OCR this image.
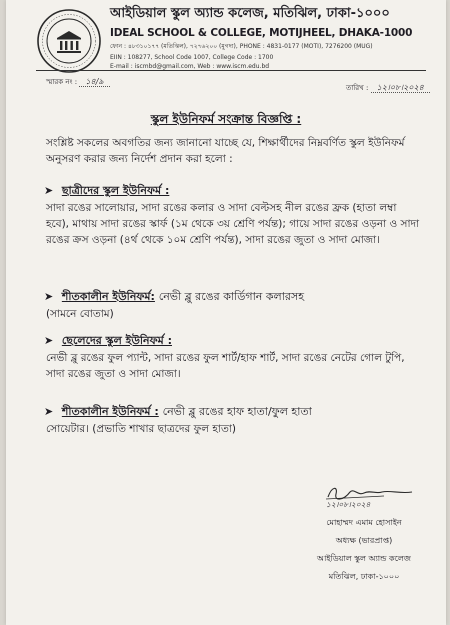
আইডিয়াল স্কুল অ্যান্ড কলেজ, মতিঝিল, ঢাকা-১০০০
IDEAL SCHOOL & COLLEGE, MOTIJHEEL, DHAKA-1000
ফোন : ৪৮৩১০১৭৭ (মতিঝিল), ৭২৭৬২০০ (মুগদা), PHONE : 4831-0177 (MOTI), 7276200 (MUG)
EIIN : 108277, School Code 1007, College Code : 1700
E-mail : iscmbd@gmail.com, Web : www.iscm.edu.bd
স্মারক নং : ১৪/৯
তারিখ : ১২।০৮।২০২৪
স্কুল ইউনিফর্ম সংক্রান্ত বিজ্ঞপ্তি :
সংশ্লিষ্ট সকলের অবগতির জন্য জানানো যাচ্ছে যে, শিক্ষার্থীদের নিম্নবর্ণিত স্কুল ইউনিফর্ম অনুসরণ করার জন্য নির্দেশ প্রদান করা হলো :
➤ ছাত্রীদের স্কুল ইউনিফর্ম :
সাদা রঙের সালোয়ার, সাদা রঙের কলার ও সাদা বেল্টসহ নীল রঙের ফ্রক (হাতা লম্বা হবে), মাথায় সাদা রঙের স্কার্ফ (১ম থেকে ৩য় শ্রেণি পর্যন্ত); গায়ে সাদা রঙের ওড়না ও সাদা রঙের ক্রস ওড়না (৪র্থ থেকে ১০ম শ্রেণি পর্যন্ত), সাদা রঙের জুতা ও সাদা মোজা।
➤ শীতকালীন ইউনিফর্ম: নেভী ব্লু রঙের কার্ডিগান কলারসহ
(সামনে বোতাম)
➤ ছেলেদের স্কুল ইউনিফর্ম :
নেভী ব্লু রঙের ফুল প্যান্ট, সাদা রঙের ফুল শার্ট/হাফ শার্ট, সাদা রঙের নেটের গোল টুপি, সাদা রঙের জুতা ও সাদা মোজা।
➤ শীতকালীন ইউনিফর্ম : নেভী ব্লু রঙের হাফ হাতা/ফুল হাতা
সোয়েটার। (প্রভাতি শাখার ছাত্রদের ফুল হাতা)
১২।০৮।২০২৪
মোহাম্মদ এমাম হোসাইন
অধ্যক্ষ (ভারপ্রাপ্ত)
আইডিয়াল স্কুল অ্যান্ড কলেজ
মতিঝিল, ঢাকা-১০০০
